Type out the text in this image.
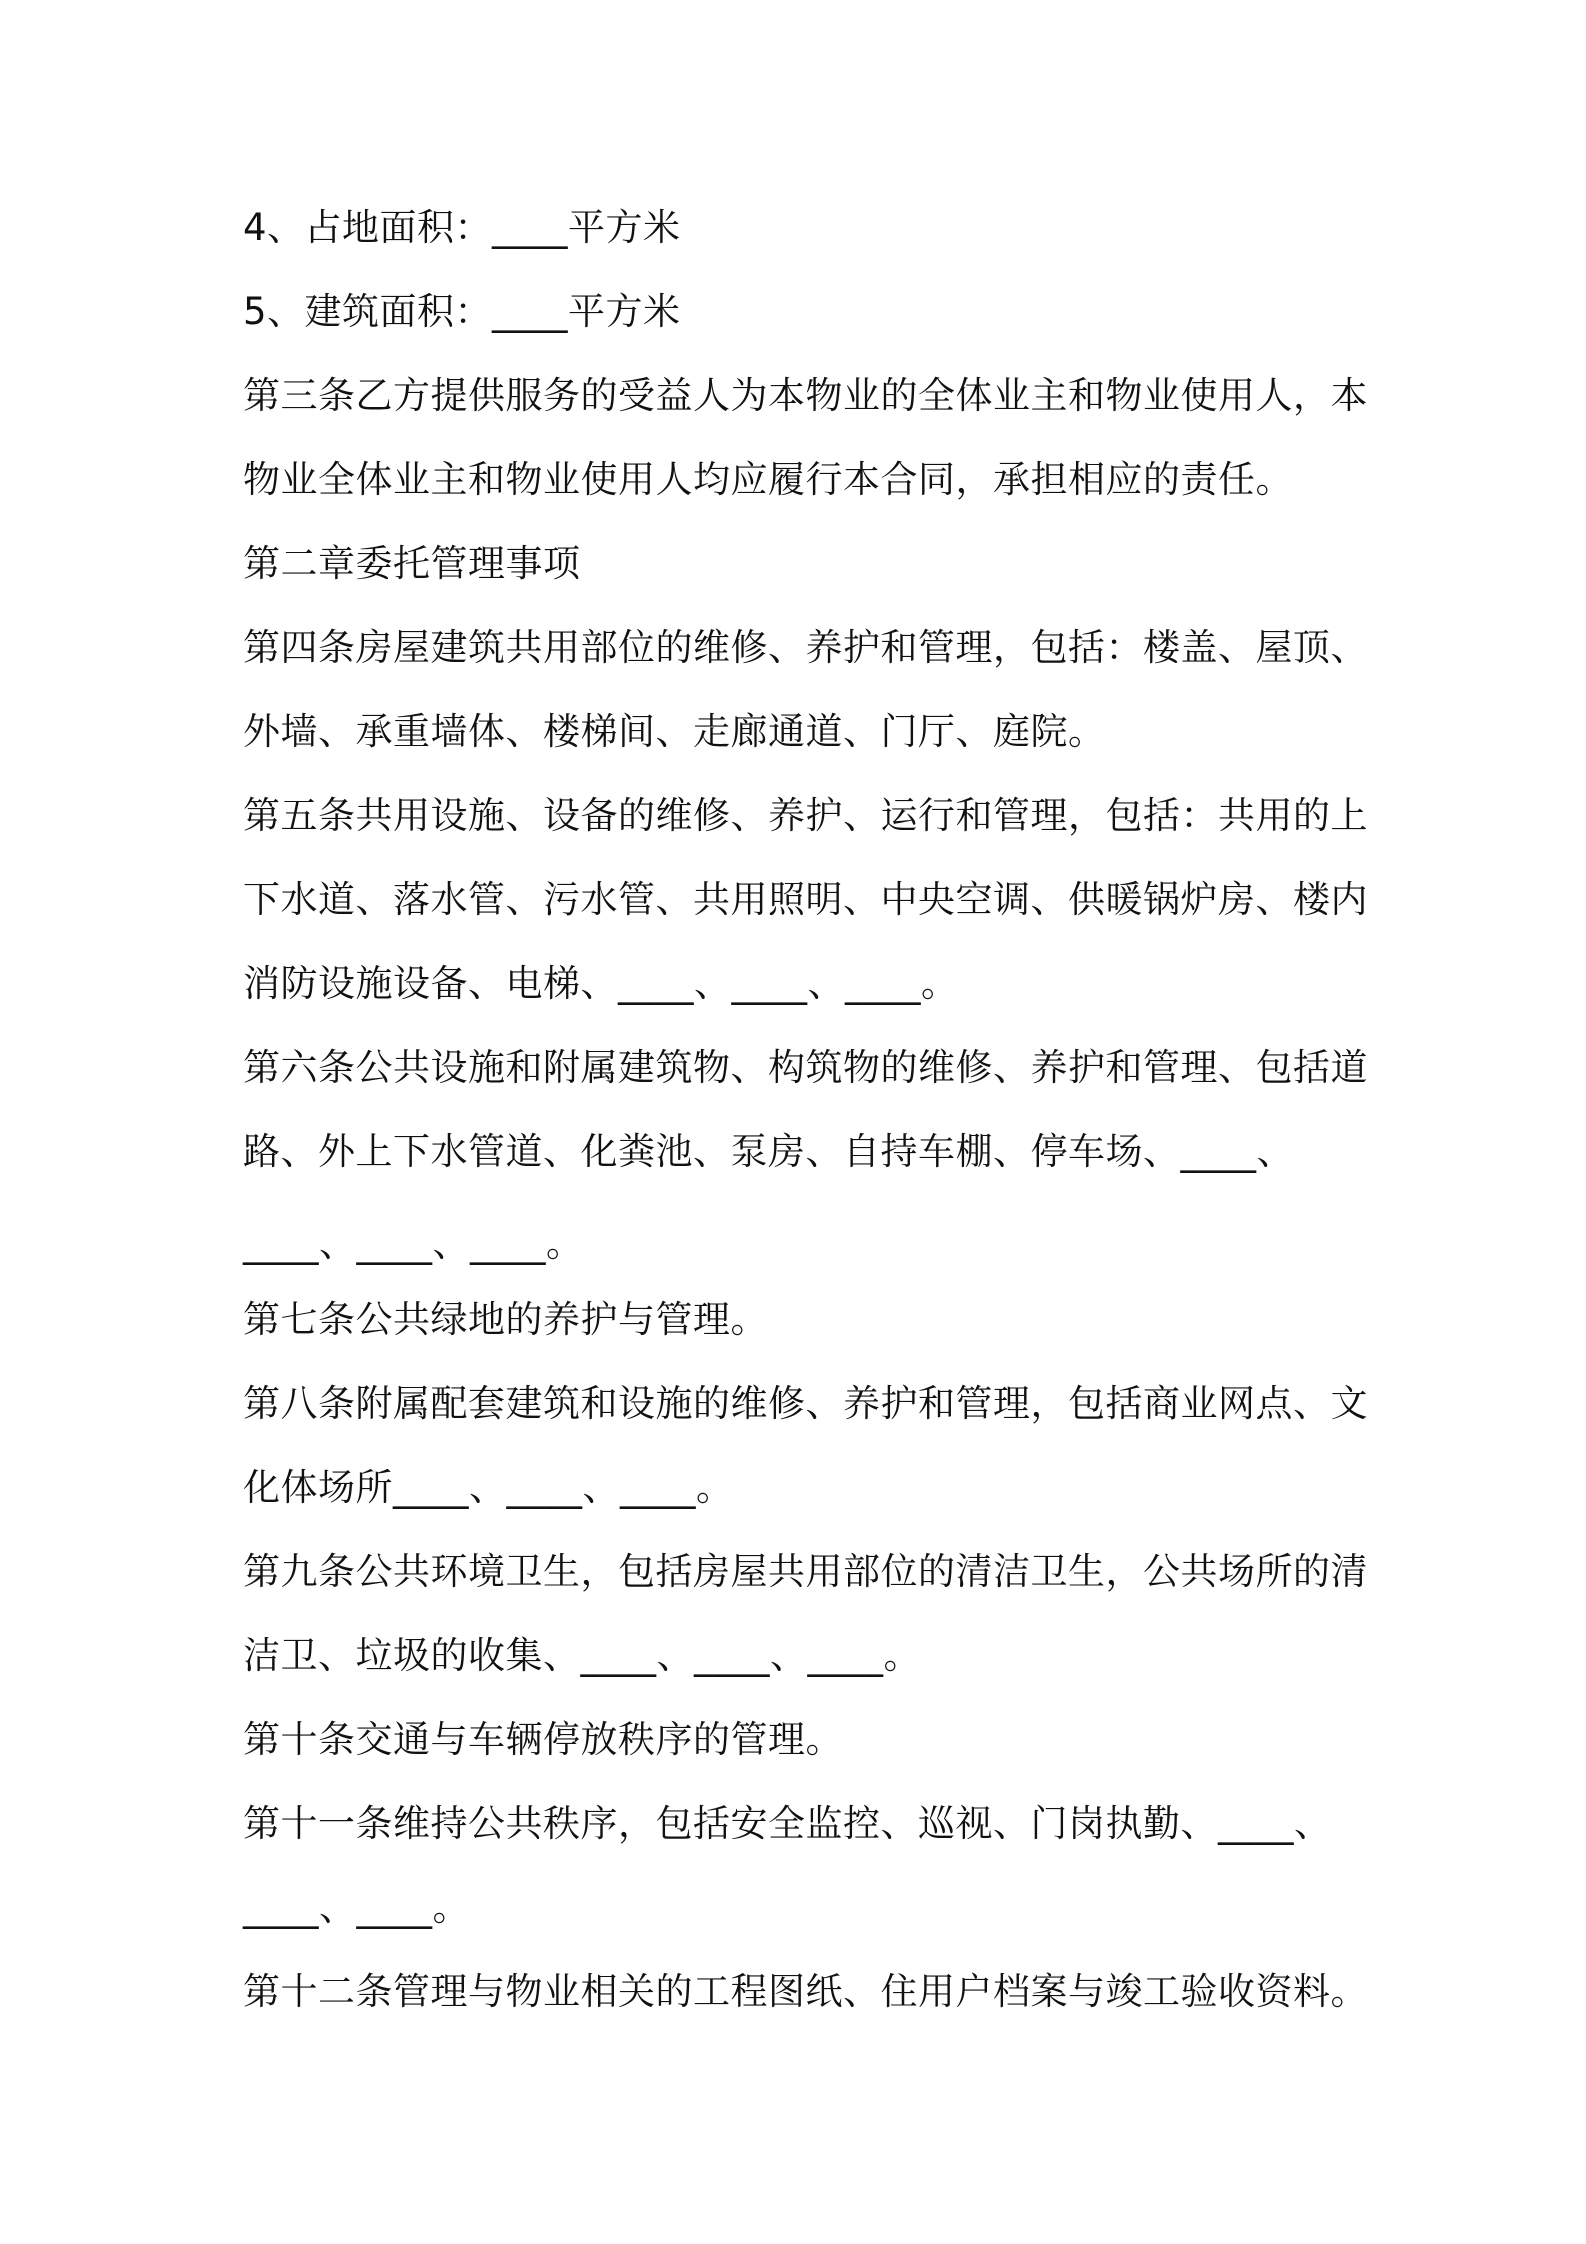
4、占地面积：____平方米
5、建筑面积：____平方米
第三条乙方提供服务的受益人为本物业的全体业主和物业使用人，本
物业全体业主和物业使用人均应履行本合同，承担相应的责任。
第二章委托管理事项
第四条房屋建筑共用部位的维修、养护和管理，包括：楼盖、屋顶、
外墙、承重墙体、楼梯间、走廊通道、门厅、庭院。
第五条共用设施、设备的维修、养护、运行和管理，包括：共用的上
下水道、落水管、污水管、共用照明、中央空调、供暖锅炉房、楼内
消防设施设备、电梯、____、____、____。
第六条公共设施和附属建筑物、构筑物的维修、养护和管理、包括道
路、外上下水管道、化粪池、泵房、自持车棚、停车场、____、
____、____、____。
第七条公共绿地的养护与管理。
第八条附属配套建筑和设施的维修、养护和管理，包括商业网点、文
化体场所____、____、____。
第九条公共环境卫生，包括房屋共用部位的清洁卫生，公共场所的清
洁卫、垃圾的收集、____、____、____。
第十条交通与车辆停放秩序的管理。
第十一条维持公共秩序，包括安全监控、巡视、门岗执勤、____、
____、____。
第十二条管理与物业相关的工程图纸、住用户档案与竣工验收资料。
